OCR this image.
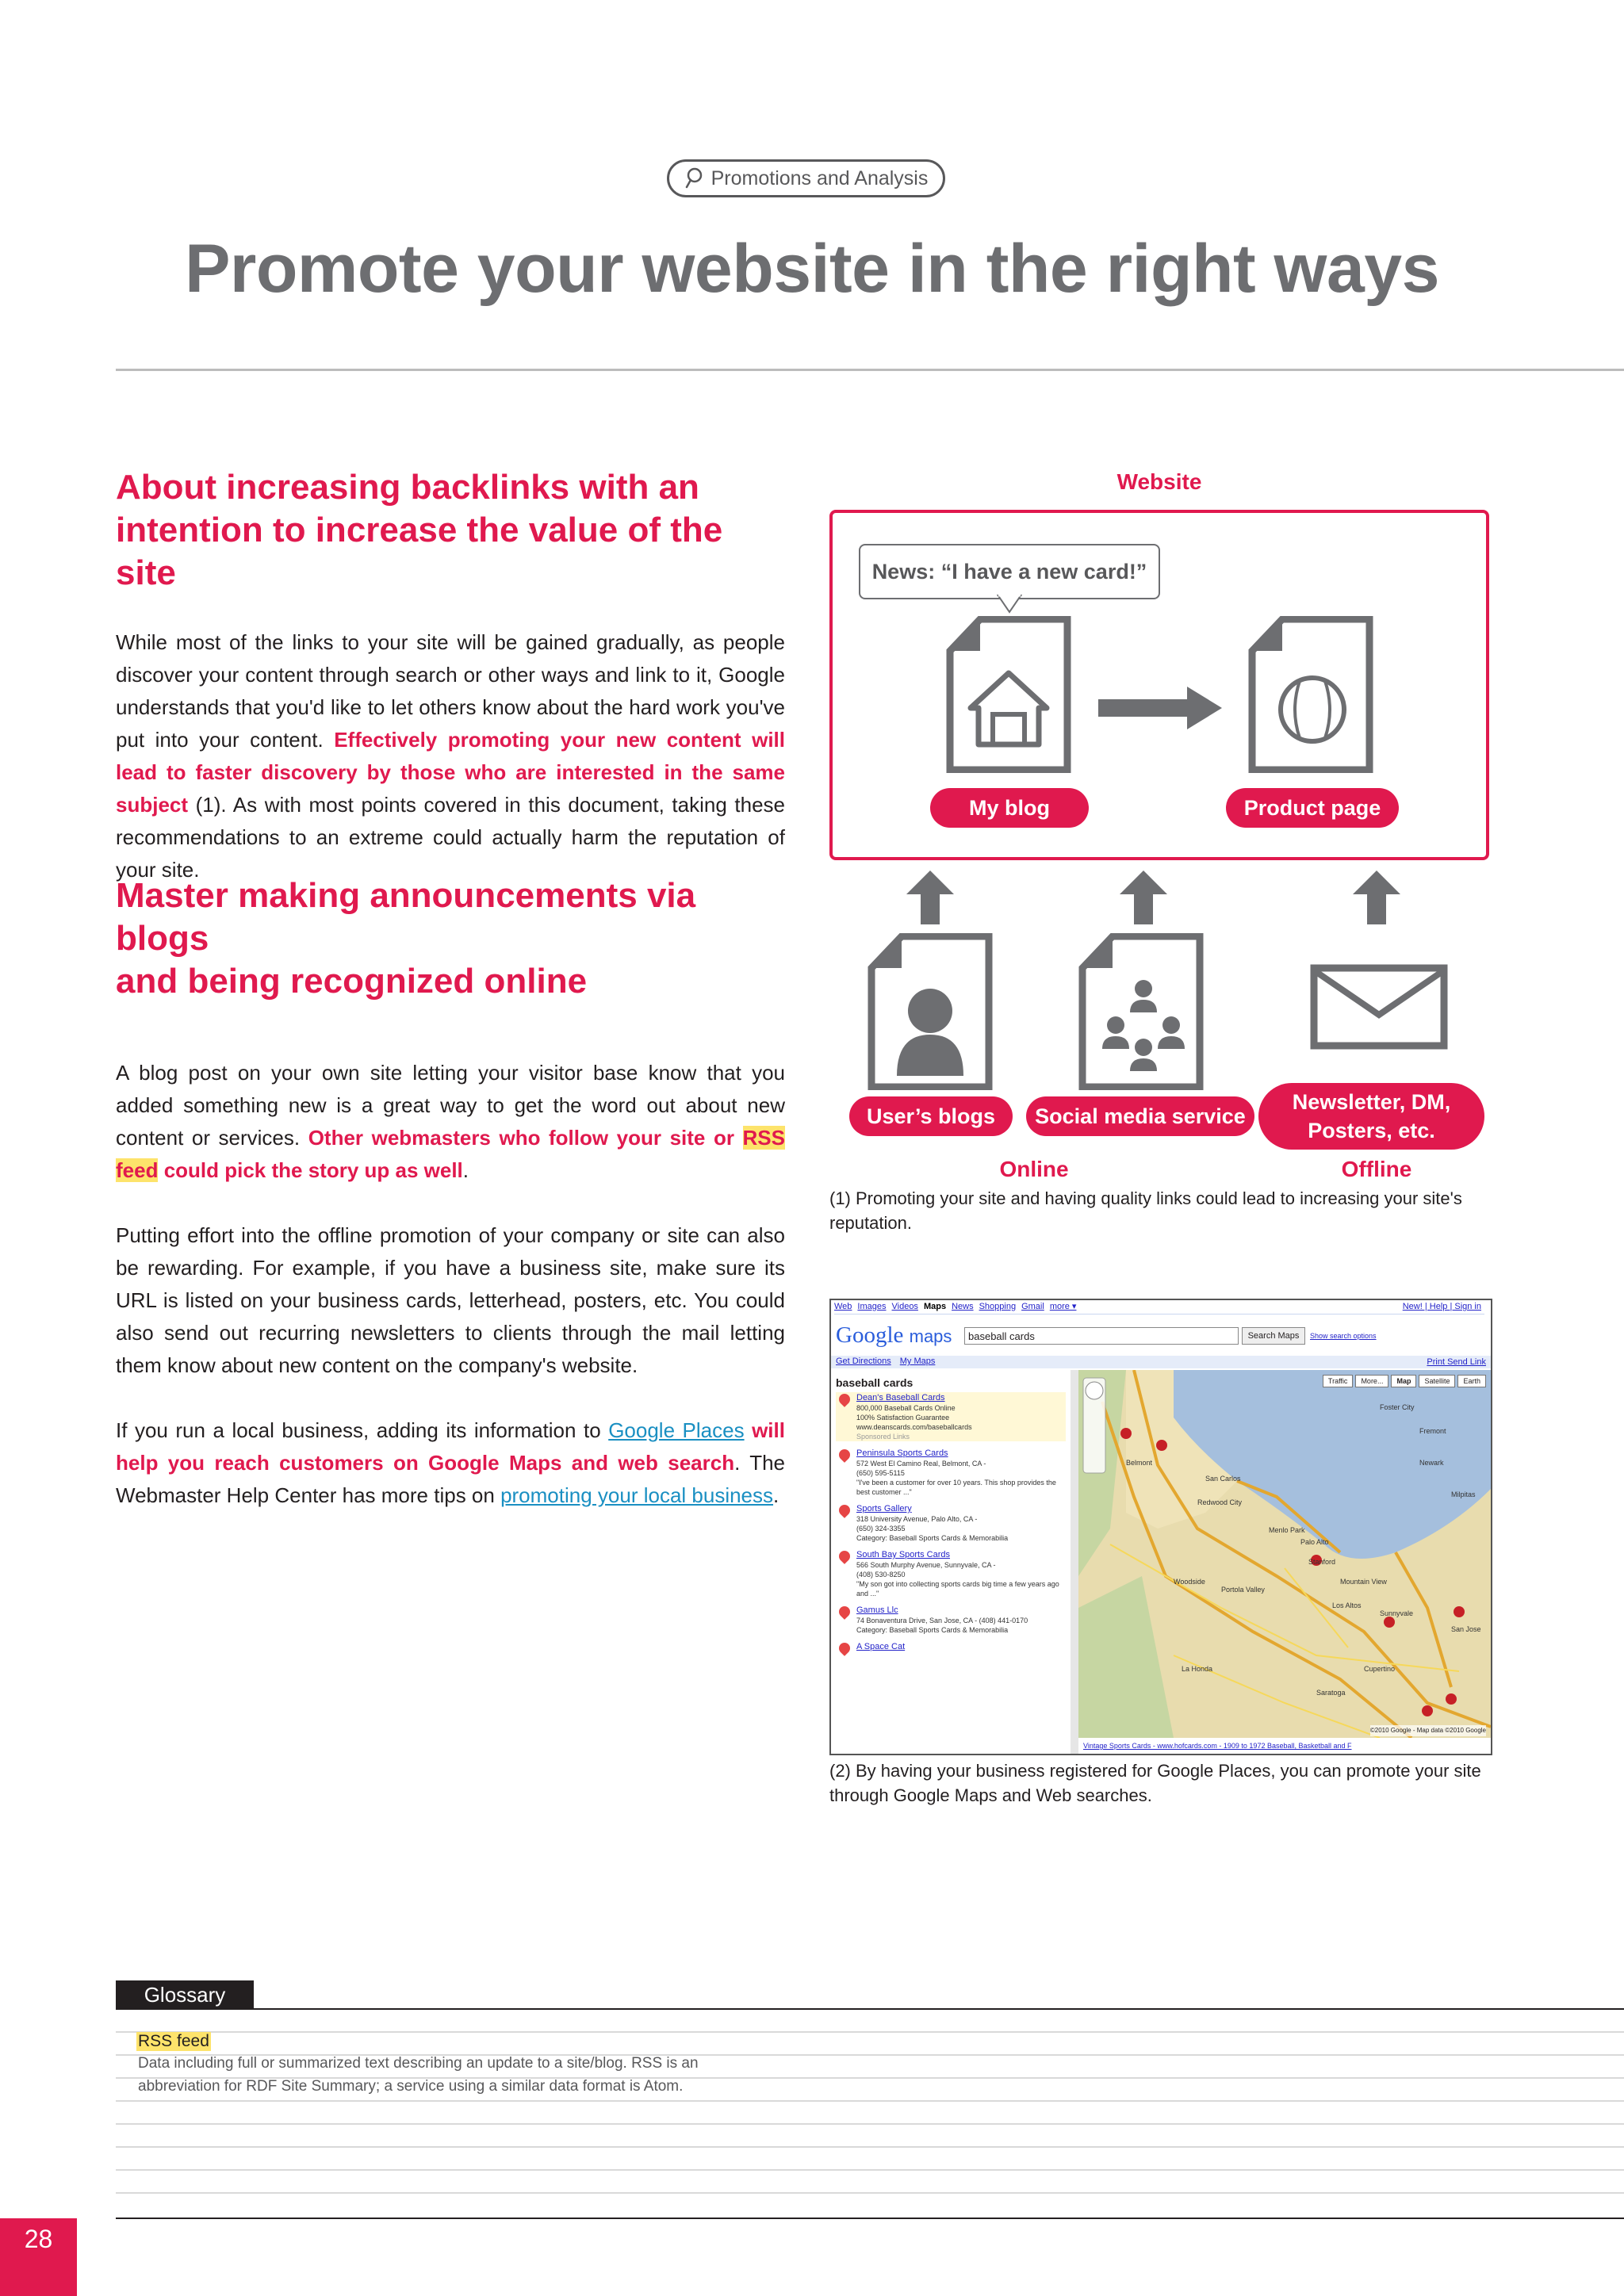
Promotions and Analysis
Promote your website in the right ways
About increasing backlinks with an
intention to increase the value of the site

While most of the links to your site will be gained gradually, as people discover your content through search or other ways and link to it, Google understands that you'd like to let others know about the hard work you've put into your content. Effectively promoting your new content will lead to faster discovery by those who are interested in the same subject (1). As with most points covered in this document, taking these recommendations to an extreme could actually harm the reputation of your site.

Master making announcements via blogs
and being recognized online

A blog post on your own site letting your visitor base know that you added something new is a great way to get the word out about new content or services. Other webmasters who follow your site or RSS feed could pick the story up as well.

Putting effort into the offline promotion of your company or site can also be rewarding. For example, if you have a business site, make sure its URL is listed on your business cards, letterhead, posters, etc. You could also send out recurring newsletters to clients through the mail letting them know about new content on the company's website.

If you run a local business, adding its information to Google Places will help you reach customers on Google Maps and web search. The Webmaster Help Center has more tips on promoting your local business.

Website
News: “I have a new card!”
My blog	Product page
User’s blogs	Social media service
Newsletter, DM,
Posters, etc.
Online	Offline
(1) Promoting your site and having quality links could lead to increasing your site's reputation.
Web Images Videos Maps News Shopping Gmail more ▾	New! | Help | Sign in
Google maps	baseball cards	Search Maps	Show search options
Get Directions My Maps	Print Send Link
baseball cards
Dean's Baseball Cards
800,000 Baseball Cards Online
100% Satisfaction Guarantee
www.deanscards.com/baseballcards
Sponsored Links
Peninsula Sports Cards
572 West El Camino Real, Belmont, CA -
(650) 595-5115
"I've been a customer for over 10 years. This shop provides the best customer ..."
Sports Gallery
318 University Avenue, Palo Alto, CA -
(650) 324-3355
Category: Baseball Sports Cards & Memorabilia
South Bay Sports Cards
566 South Murphy Avenue, Sunnyvale, CA -
(408) 530-8250
"My son got into collecting sports cards big time a few years ago and ..."
Gamus Llc
74 Bonaventura Drive, San Jose, CA - (408) 441-0170
Category: Baseball Sports Cards & Memorabilia
A Space Cat
Foster City
Fremont
Newark
San Carlos
Redwood City
Menlo Park
Palo Alto
Stanford
Mountain View
Sunnyvale
Los Altos
Cupertino
San Jose
Milpitas
Woodside
La Honda
Portola Valley
Belmont
Saratoga
Traffic	More...	Map	Satellite	Earth
©2010 Google - Map data ©2010 Google
Vintage Sports Cards - www.hofcards.com - 1909 to 1972 Baseball, Basketball and F
(2) By having your business registered for Google Places, you can promote your site through Google Maps and Web searches.
Glossary
RSS feed
Data including full or summarized text describing an update to a site/blog. RSS is an
abbreviation for RDF Site Summary; a service using a similar data format is Atom.
28
